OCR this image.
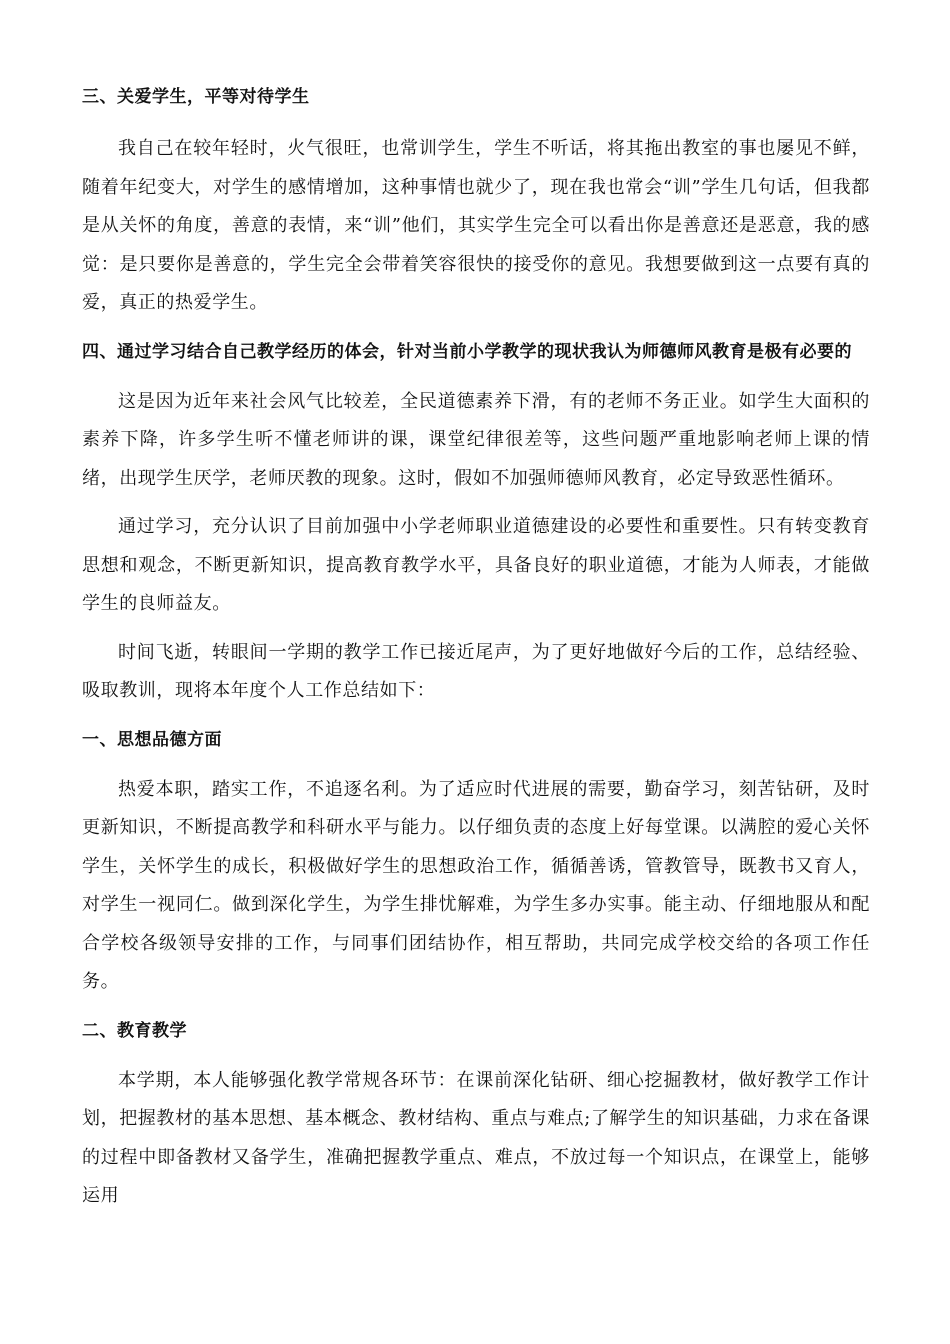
三、关爱学生，平等对待学生

我自己在较年轻时，火气很旺，也常训学生，学生不听话，将其拖出教室的事也屡见不鲜，随着年纪变大，对学生的感情增加，这种事情也就少了，现在我也常会“训”学生几句话，但我都是从关怀的角度，善意的表情，来“训”他们，其实学生完全可以看出你是善意还是恶意，我的感觉：是只要你是善意的，学生完全会带着笑容很快的接受你的意见。我想要做到这一点要有真的爱，真正的热爱学生。

四、通过学习结合自己教学经历的体会，针对当前小学教学的现状我认为师德师风教育是极有必要的

这是因为近年来社会风气比较差，全民道德素养下滑，有的老师不务正业。如学生大面积的素养下降，许多学生听不懂老师讲的课，课堂纪律很差等，这些问题严重地影响老师上课的情绪，出现学生厌学，老师厌教的现象。这时，假如不加强师德师风教育，必定导致恶性循环。

通过学习，充分认识了目前加强中小学老师职业道德建设的必要性和重要性。只有转变教育思想和观念，不断更新知识，提高教育教学水平，具备良好的职业道德，才能为人师表，才能做学生的良师益友。

时间飞逝，转眼间一学期的教学工作已接近尾声，为了更好地做好今后的工作，总结经验、吸取教训，现将本年度个人工作总结如下：

一、思想品德方面

热爱本职，踏实工作，不追逐名利。为了适应时代进展的需要，勤奋学习，刻苦钻研，及时更新知识，不断提高教学和科研水平与能力。以仔细负责的态度上好每堂课。以满腔的爱心关怀学生，关怀学生的成长，积极做好学生的思想政治工作，循循善诱，管教管导，既教书又育人，对学生一视同仁。做到深化学生，为学生排忧解难，为学生多办实事。能主动、仔细地服从和配合学校各级领导安排的工作，与同事们团结协作，相互帮助，共同完成学校交给的各项工作任务。

二、教育教学

本学期，本人能够强化教学常规各环节：在课前深化钻研、细心挖掘教材，做好教学工作计划，把握教材的基本思想、基本概念、教材结构、重点与难点;了解学生的知识基础，力求在备课的过程中即备教材又备学生，准确把握教学重点、难点，不放过每一个知识点，在课堂上，能够运用
